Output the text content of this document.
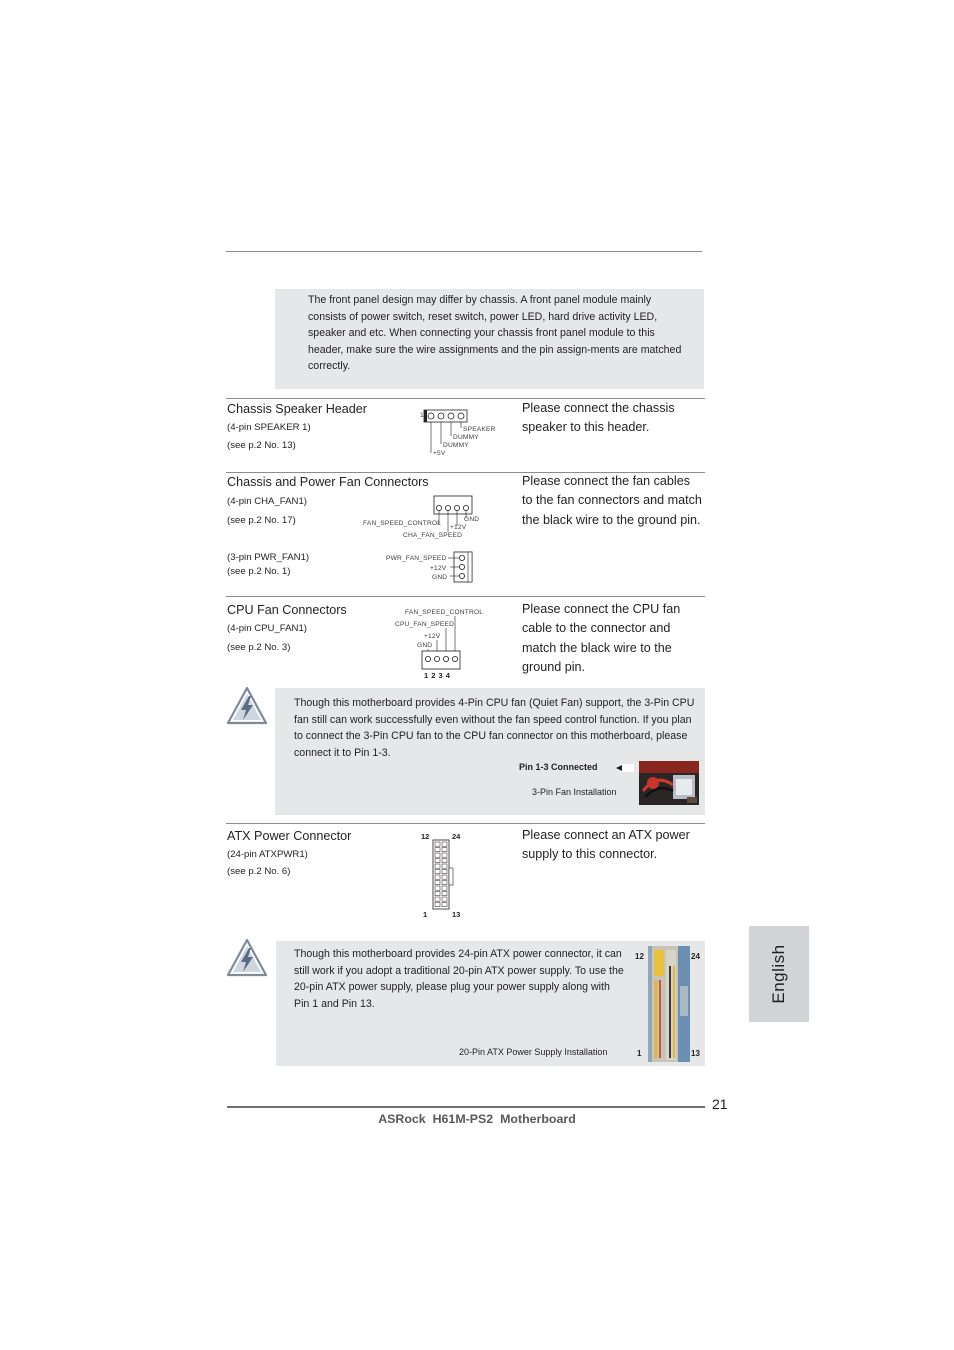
The front panel design may differ by chassis. A front panel module mainly consists of power switch, reset switch, power LED, hard drive activity LED, speaker and etc. When connecting your chassis front panel module to this header, make sure the wire assignments and the pin assign-ments are matched correctly.
Chassis Speaker Header
(4-pin SPEAKER 1)
(see p.2 No. 13)
Please connect the chassis speaker to this header.
1
SPEAKER
DUMMY
DUMMY
+5V
Chassis and Power Fan Connectors
(4-pin CHA_FAN1)
(see p.2 No. 17)
(3-pin PWR_FAN1)
(see p.2 No. 1)
Please connect the fan cables to the fan connectors and match the black wire to the ground pin.
FAN_SPEED_CONTROL
+12V
GND
CHA_FAN_SPEED
PWR_FAN_SPEED
+12V
GND
CPU Fan Connectors
(4-pin CPU_FAN1)
(see p.2 No. 3)
Please connect the CPU fan cable to the connector and match the black wire to the ground pin.
FAN_SPEED_CONTROL
CPU_FAN_SPEED
+12V
GND
1 2 3 4
Though this motherboard provides 4-Pin CPU fan (Quiet Fan) support, the 3-Pin CPU fan still can work successfully even without the fan speed control function. If you plan to connect the 3-Pin CPU fan to the CPU fan connector on this motherboard, please connect it to Pin 1-3.
Pin 1-3 Connected
3-Pin Fan Installation
ATX Power Connector
(24-pin ATXPWR1)
(see p.2 No. 6)
Please connect an ATX power supply to this connector.
12	24
1	13
Though this motherboard provides 24-pin ATX power connector, it can still work if you adopt a traditional 20-pin ATX power supply. To use the 20-pin ATX power supply, please plug your power supply along with Pin 1 and Pin 13.
20-Pin ATX Power Supply Installation
12	24
1	13
English
21
ASRock  H61M-PS2  Motherboard
